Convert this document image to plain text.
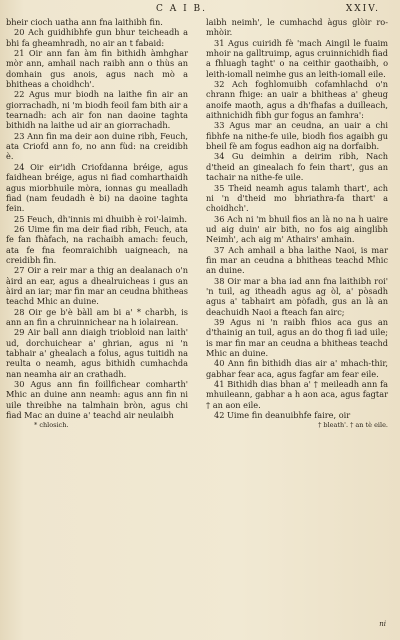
C A I B.	XXIV.

bheir cioch uatha ann fna laithibh fin.

20 Ach guidhibhfe gun bhur teicheadh a bhi fa gheamhradh, no air an t fabaid:

21 Oir ann fan àm fin bithidh àmhghar mòr ann, amhail nach raibh ann o thùs an domhain gus anois, agus nach mò a bhitheas a choidhch'.

22 Agus mur biodh na laithe fin air an giorrachadh, ni 'm biodh feoil fam bith air a tearnadh: ach air fon nan daoine taghta bithidh na laithe ud air an giorrachadh.

23 Ann fin ma deir aon duine ribh, Feuch, ata Criofd ann fo, no ann fùd: na creidibh è.

24 Oir eir'idh Criofdanna bréige, agus faidhean bréige, agus ni fiad comharthaidh agus miorbhuile mòra, ionnas gu mealladh fiad (nam feudadh è bi) na daoine taghta fein.

25 Feuch, dh'innis mi dhuibh è roi'-laimh.

26 Uime fin ma deir fiad ribh, Feuch, ata fe fan fhàfach, na rachaibh amach: feuch, ata fe fna feomraichibh uaigneach, na creidibh fin.

27 Oir a reir mar a thig an dealanach o'n àird an ear, agus a dhealruicheas i gus an àird an iar; mar fin mar an ceudna bhitheas teachd Mhic an duine.

28 Oir ge b'è bàll am bi a' * charbh, is ann an fin a chruinnichear na h iolairean.

29 Air ball ann diaigh triobloid nan laith' ud, dorchuichear a' ghrian, agus ni 'n tabhair a' ghealach a folus, agus tuitidh na reulta o neamh, agus bithidh cumhachda nan neamha air an crathadh.

30 Agus ann fin foillfichear comharth' Mhic an duine ann neamh: agus ann fin ni uile threibhe na talmhain bròn, agus chi fiad Mac an duine a' teachd air neulaibh

laibh neimh', le cumhachd àgus glòir ro-mhòir.

31 Agus cuiridh fè 'mach Aingil le fuaim mhoir na galltruimp, agus cruinnichidh fiad a fhluagh taght' o na ceithir gaothaibh, o leith-iomall neimhe gus an leith-iomall eile.

32 Ach foghlomuibh cofamhlachd o'n chrann fhige: an uair a bhitheas a' gheug anoife maoth, agus a dh'fhafas a duilleach, aithnichidh fibh gur fogus an famhra':

33 Agus mar an ceudna, an uair a chi fibhfe na nithe-fe uile, biodh fios agaibh gu bheil fè am fogus eadhon aig na dorfaibh.

34 Gu deimhin a deirim ribh, Nach d'theid an ginealach fo fein thart', gus an tachair na nithe-fe uile.

35 Theid neamh agus talamh thart', ach ni 'n d'theid mo bhriathra-fa thart' a choidhch'.

36 Ach ni 'm bhuil fios an là no na h uaire ud aig duin' air bith, no fos aig ainglibh Neimh', ach aig m' Athairs' amhain.

37 Ach amhail a bha laithe Naoi, is mar fin mar an ceudna a bhitheas teachd Mhic an duine.

38 Oir mar a bha iad ann fna laithibh roi' 'n tuil, ag itheadh agus ag òl, a' pòsadh agus a' tabhairt am pòfadh, gus an là an deachuidh Naoi a fteach fan airc;

39 Agus ni 'n raibh fhios aca gus an d'thainig an tuil, agus an do thog fi iad uile; is mar fin mar an ceudna a bhitheas teachd Mhic an duine.

40 Ann fin bithidh dias air a' mhach-thir, gabhar fear aca, agus fagfar am fear eile.

41 Bithidh dias bhan a' † meileadh ann fa mhuileann, gabhar a h aon aca, agus fagtar † an aon eile.

42 Uime fin deanuibhfe faire, oir

* chlosich.	† bleath'. † an tè eile.
ni
